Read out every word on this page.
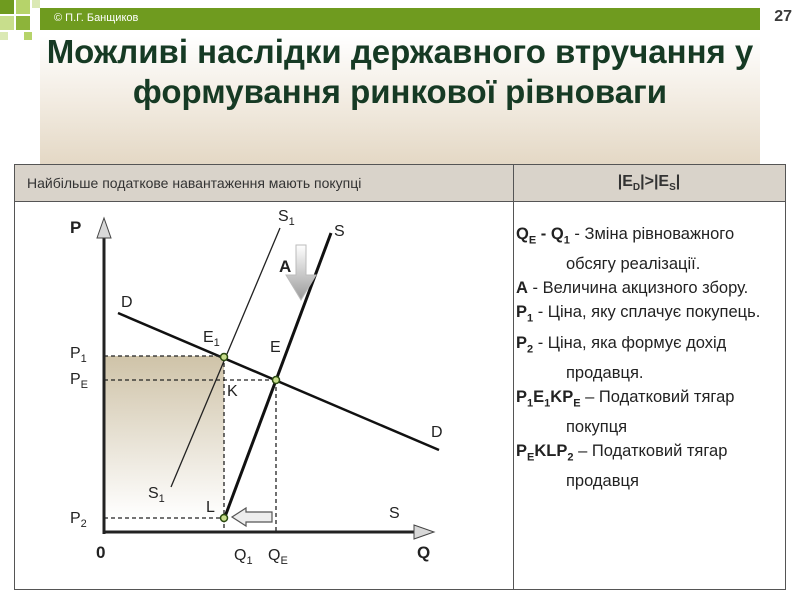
© П.Г. Банщиков	27
Можливі наслідки державного втручання у формування ринкової рівноваги
Найбільше податкове навантаження мають покупці	$|E_D|>|E_S|$
P
Q
0
D
D
S
S
$S_1$
$S_1$
$E_1$	E
K
L
A
$P_1$
$P_E$
$P_2$
$Q_1$ $Q_E$

$Q_E - Q_1$ - Зміна рівноважного обсягу реалізації.

А - Величина акцизного збору.

$P_1$ - Ціна, яку сплачує покупець.

$P_2$ - Ціна, яка формує дохід продавця.

$P_1E_1KP_E$ – Податковий тягар покупця

$P_EKLP_2$ – Податковий тягар продавця
